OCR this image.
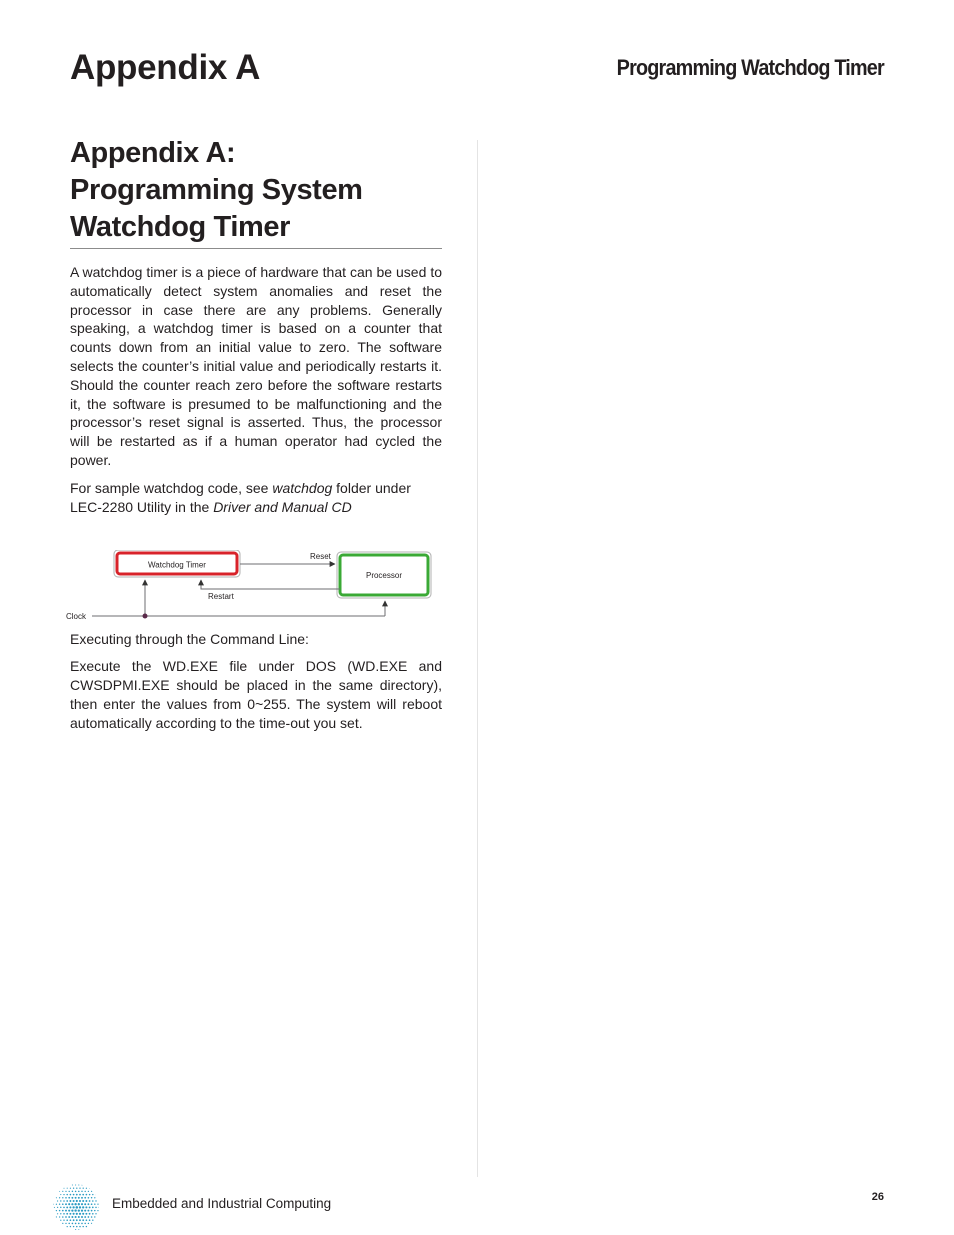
Appendix A	Programming Watchdog Timer
Appendix A:
Programming System
Watchdog Timer

A watchdog timer is a piece of hardware that can be used to automatically detect system anomalies and reset the processor in case there are any problems. Generally speaking, a watchdog timer is based on a counter that counts down from an initial value to zero. The software selects the counter’s initial value and periodically restarts it. Should the counter reach zero before the software restarts it, the software is presumed to be malfunctioning and the processor’s reset signal is asserted. Thus, the processor will be restarted as if a human operator had cycled the power.

For sample watchdog code, see watchdog folder under LEC-2280 Utility in the Driver and Manual CD

Watchdog Timer
Processor
Reset
Restart
Clock

Executing through the Command Line:

Execute the WD.EXE file under DOS (WD.EXE and CWSDPMI.EXE should be placed in the same directory), then enter the values from 0~255. The system will reboot automatically according to the time-out you set.

Embedded and Industrial Computing	26
